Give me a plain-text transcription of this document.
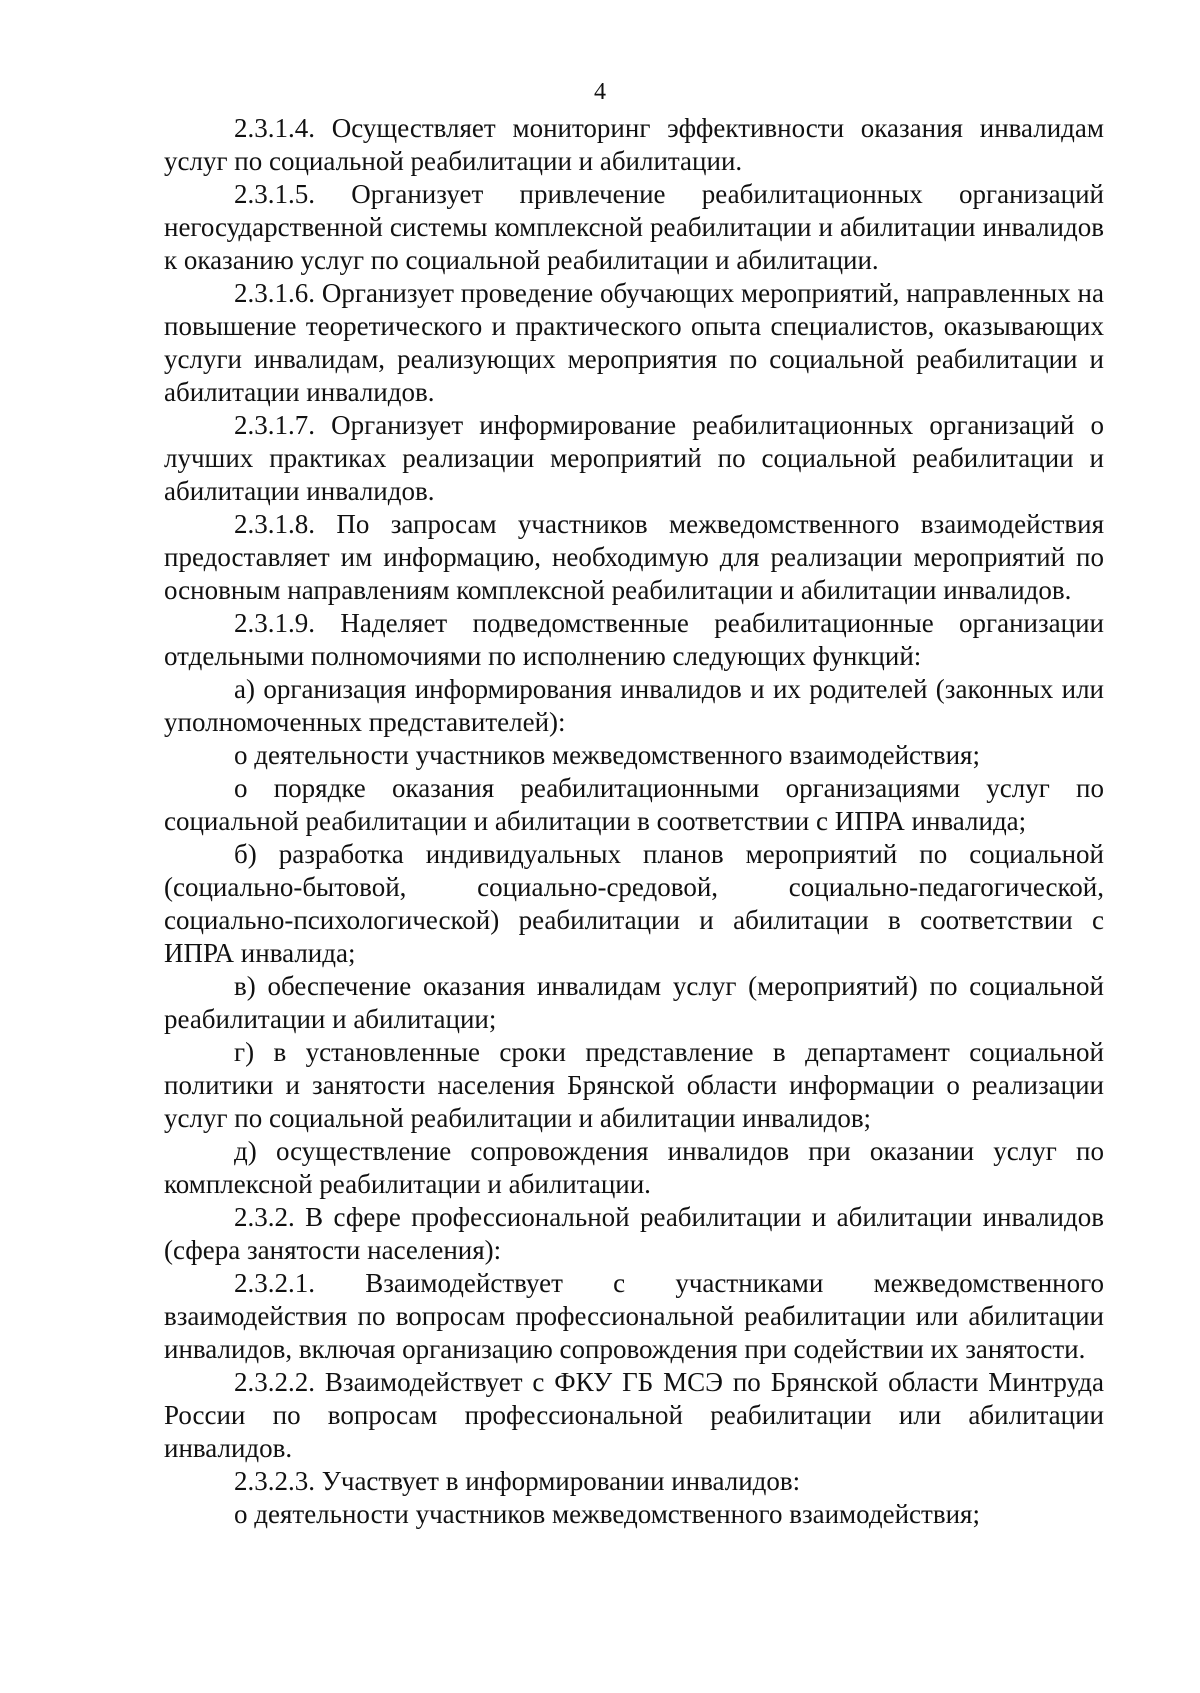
4

2.3.1.4. Осуществляет мониторинг эффективности оказания инвалидам услуг по социальной реабилитации и абилитации.

2.3.1.5. Организует привлечение реабилитационных организаций негосударственной системы комплексной реабилитации и абилитации инвалидов к оказанию услуг по социальной реабилитации и абилитации.

2.3.1.6. Организует проведение обучающих мероприятий, направленных на повышение теоретического и практического опыта специалистов, оказывающих услуги инвалидам, реализующих мероприятия по социальной реабилитации и абилитации инвалидов.

2.3.1.7. Организует информирование реабилитационных организаций о лучших практиках реализации мероприятий по социальной реабилитации и абилитации инвалидов.

2.3.1.8. По запросам участников межведомственного взаимодействия предоставляет им информацию, необходимую для реализации мероприятий по основным направлениям комплексной реабилитации и абилитации инвалидов.

2.3.1.9. Наделяет подведомственные реабилитационные организации отдельными полномочиями по исполнению следующих функций:

а) организация информирования инвалидов и их родителей (законных или уполномоченных представителей):

о деятельности участников межведомственного взаимодействия;

о порядке оказания реабилитационными организациями услуг по социальной реабилитации и абилитации в соответствии с ИПРА инвалида;

б) разработка индивидуальных планов мероприятий по социальной (социально-бытовой, социально-средовой, социально-педагогической, социально-психологической) реабилитации и абилитации в соответствии с ИПРА инвалида;

в) обеспечение оказания инвалидам услуг (мероприятий) по социальной реабилитации и абилитации;

г) в установленные сроки представление в департамент социальной политики и занятости населения Брянской области информации о реализации услуг по социальной реабилитации и абилитации инвалидов;

д) осуществление сопровождения инвалидов при оказании услуг по комплексной реабилитации и абилитации.

2.3.2. В сфере профессиональной реабилитации и абилитации инвалидов (сфера занятости населения):

2.3.2.1. Взаимодействует с участниками межведомственного взаимодействия по вопросам профессиональной реабилитации или абилитации инвалидов, включая организацию сопровождения при содействии их занятости.

2.3.2.2. Взаимодействует с ФКУ ГБ МСЭ по Брянской области Минтруда России по вопросам профессиональной реабилитации или абилитации инвалидов.

2.3.2.3. Участвует в информировании инвалидов:

о деятельности участников межведомственного взаимодействия;
